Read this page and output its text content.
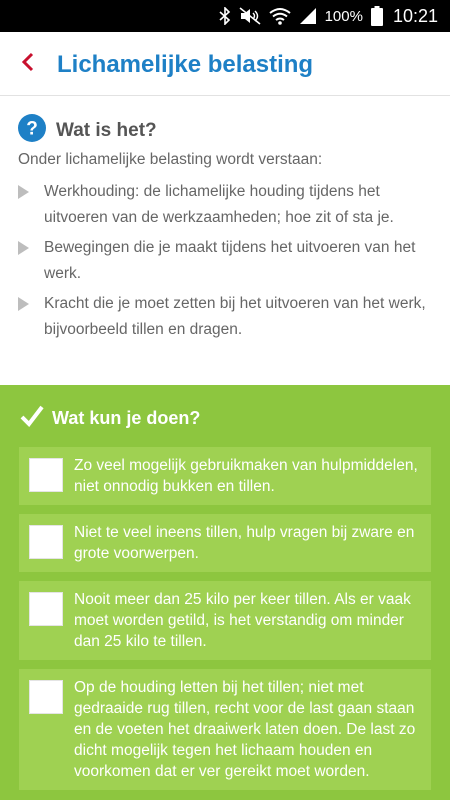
100% 10:21
Lichamelijke belasting
? Wat is het?
Onder lichamelijke belasting wordt verstaan:
Werkhouding: de lichamelijke houding tijdens het uitvoeren van de werkzaamheden; hoe zit of sta je.
Bewegingen die je maakt tijdens het uitvoeren van het werk.
Kracht die je moet zetten bij het uitvoeren van het werk, bijvoorbeeld tillen en dragen.
Wat kun je doen?
Zo veel mogelijk gebruikmaken van hulpmiddelen, niet onnodig bukken en tillen.
Niet te veel ineens tillen, hulp vragen bij zware en grote voorwerpen.
Nooit meer dan 25 kilo per keer tillen. Als er vaak moet worden getild, is het verstandig om minder dan 25 kilo te tillen.
Op de houding letten bij het tillen; niet met gedraaide rug tillen, recht voor de last gaan staan en de voeten het draaiwerk laten doen. De last zo dicht mogelijk tegen het lichaam houden en voorkomen dat er ver gereikt moet worden.
